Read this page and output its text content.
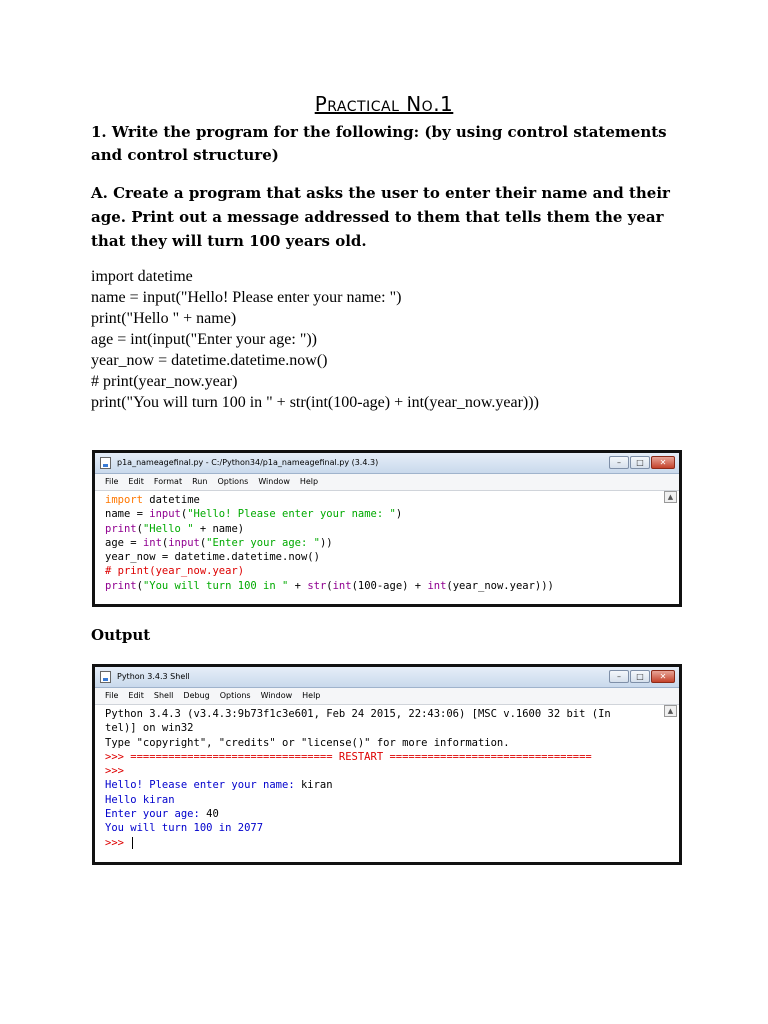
Practical No.1
1. Write the program for the following: (by using control statements and control structure)
A. Create a program that asks the user to enter their name and their age. Print out a message addressed to them that tells them the year that they will turn 100 years old.
import datetime
name = input("Hello! Please enter your name: ")
print("Hello " + name)
age = int(input("Enter your age: "))
year_now = datetime.datetime.now()
# print(year_now.year)
print("You will turn 100 in " + str(int(100-age) + int(year_now.year)))
p1a_nameagefinal.py - C:/Python34/p1a_nameagefinal.py (3.4.3)	–	□	✕
File Edit Format Run Options Window Help
▲
import datetime
name = input("Hello! Please enter your name: ")
print("Hello " + name)
age = int(input("Enter your age: "))
year_now = datetime.datetime.now()
# print(year_now.year)
print("You will turn 100 in " + str(int(100-age) + int(year_now.year)))
Output
Python 3.4.3 Shell	–	□	✕
File Edit Shell Debug Options Window Help
▲
Python 3.4.3 (v3.4.3:9b73f1c3e601, Feb 24 2015, 22:43:06) [MSC v.1600 32 bit (In
tel)] on win32
Type "copyright", "credits" or "license()" for more information.
>>> ================================ RESTART ================================
>>>
Hello! Please enter your name: kiran
Hello kiran
Enter your age: 40
You will turn 100 in 2077
>>>
